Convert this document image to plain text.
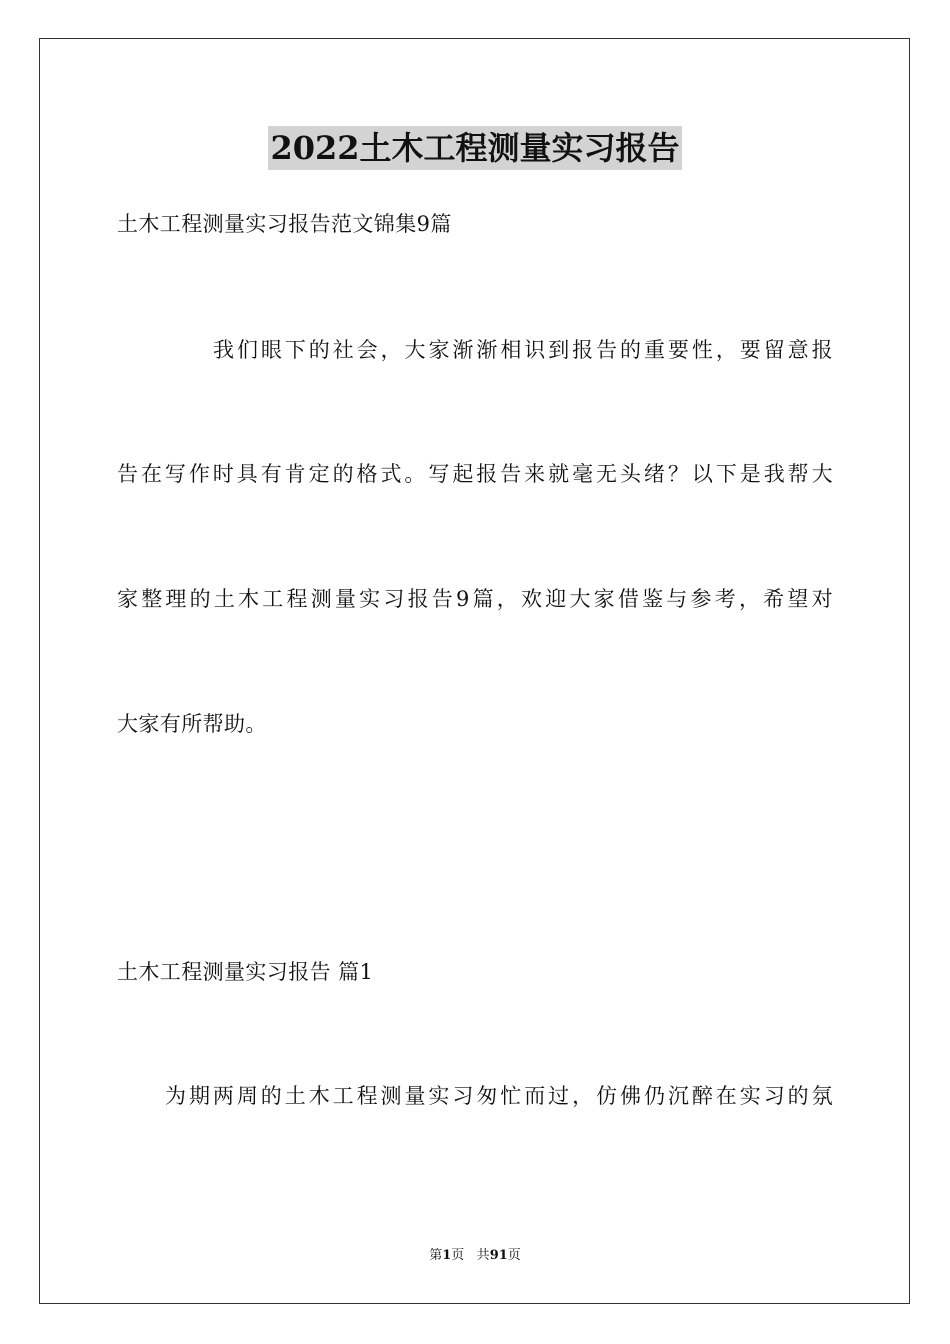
2022土木工程测量实习报告
土木工程测量实习报告范文锦集9篇
我们眼下的社会，大家渐渐相识到报告的重要性，要留意报
告在写作时具有肯定的格式。写起报告来就毫无头绪？以下是我帮大
家整理的土木工程测量实习报告9篇，欢迎大家借鉴与参考，希望对
大家有所帮助。
土木工程测量实习报告 篇1
为期两周的土木工程测量实习匆忙而过，仿佛仍沉醉在实习的氛
第1页 共91页
